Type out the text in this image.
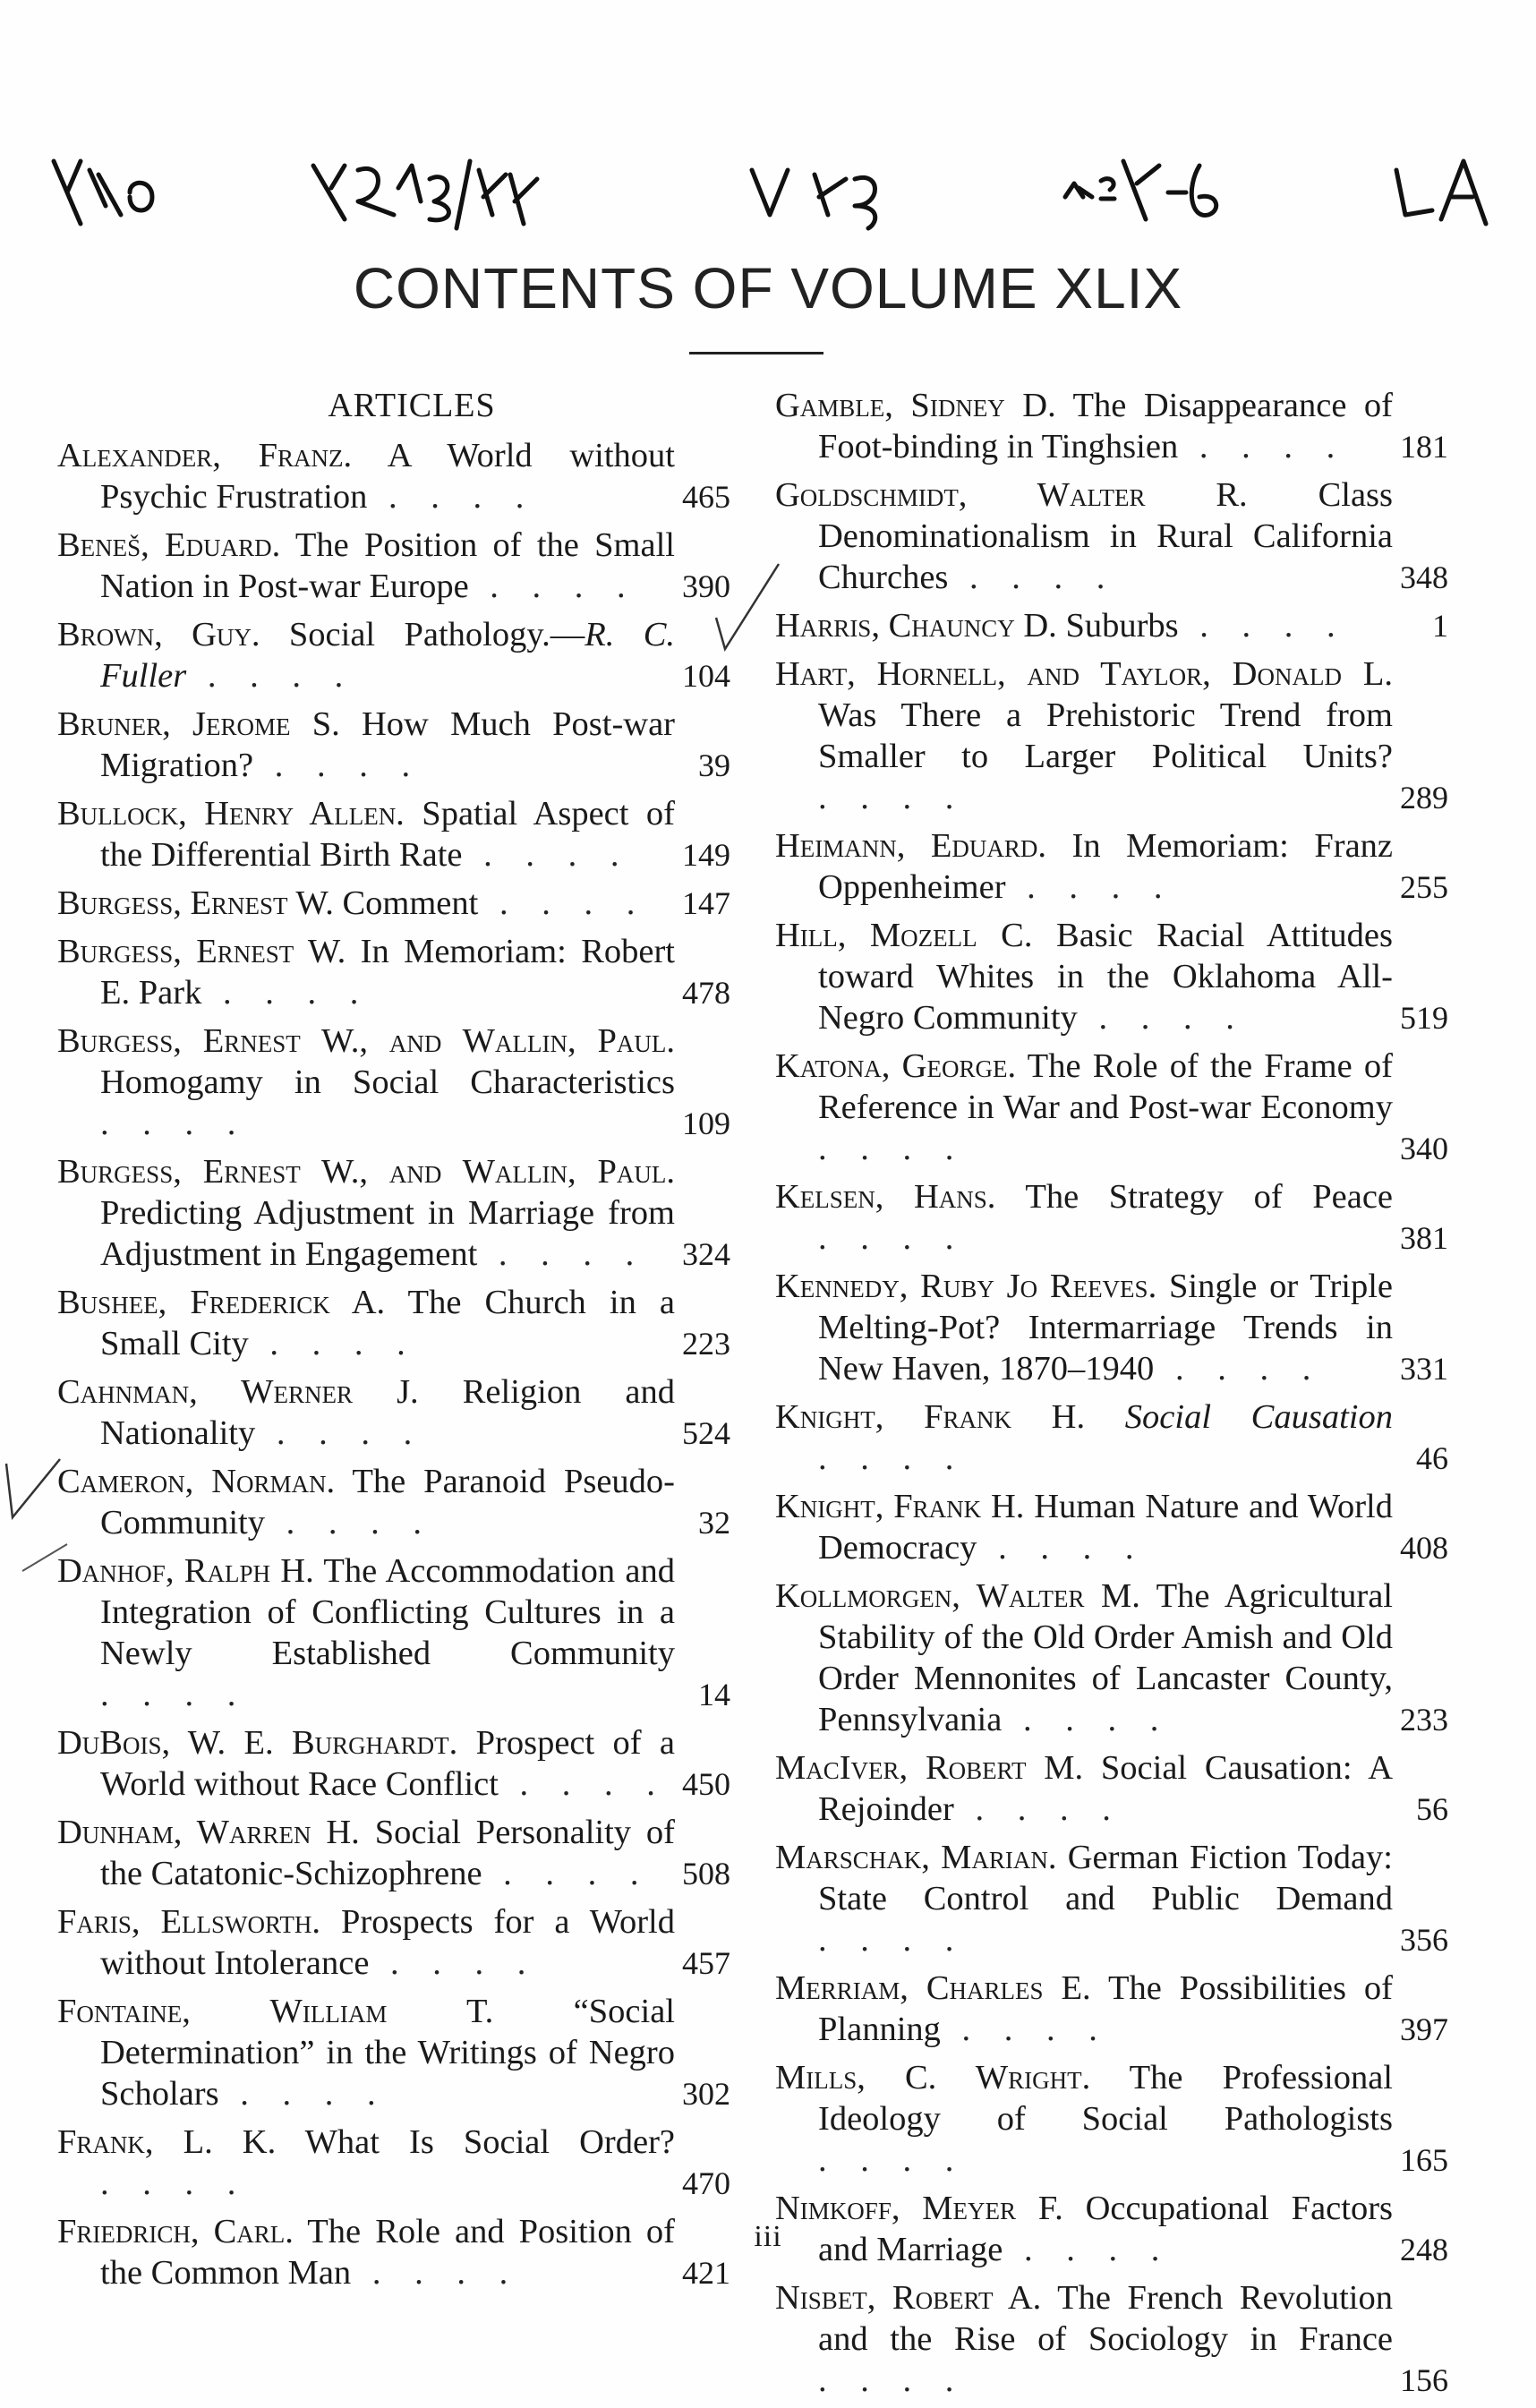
CONTENTS OF VOLUME XLIX
ARTICLES
Alexander, Franz. A World without Psychic Frustration . . . .	465
Beneš, Eduard. The Position of the Small Nation in Post-war Europe . . . .	390
Brown, Guy. Social Pathology.—R. C. Fuller . . . .	104
Bruner, Jerome S. How Much Post-war Migration? . . . .	39
Bullock, Henry Allen. Spatial Aspect of the Differential Birth Rate . . . .	149
Burgess, Ernest W. Comment . . . .	147
Burgess, Ernest W. In Memoriam: Robert E. Park . . . .	478
Burgess, Ernest W., and Wallin, Paul. Homogamy in Social Characteristics . . . .	109
Burgess, Ernest W., and Wallin, Paul. Predicting Adjustment in Marriage from Adjustment in Engagement . . . .	324
Bushee, Frederick A. The Church in a Small City . . . .	223
Cahnman, Werner J. Religion and Nationality . . . .	524
Cameron, Norman. The Paranoid Pseudo-Community . . . .	32
Danhof, Ralph H. The Accommodation and Integration of Conflicting Cultures in a Newly Established Community . . . .	14
DuBois, W. E. Burghardt. Prospect of a World without Race Conflict . . . . 450
Dunham, Warren H. Social Personality of the Catatonic-Schizophrene . . . . 508
Faris, Ellsworth. Prospects for a World without Intolerance . . . .	457
Fontaine, William T. “Social Determination” in the Writings of Negro Scholars . . . .	302
Frank, L. K. What Is Social Order? . . . .	470
Friedrich, Carl. The Role and Position of the Common Man . . . .	421
Gamble, Sidney D. The Disappearance of Foot-binding in Tinghsien . . . .	181
Goldschmidt, Walter R. Class Denominationalism in Rural California Churches . . . .	348
Harris, Chauncy D. Suburbs . . . .	1
Hart, Hornell, and Taylor, Donald L. Was There a Prehistoric Trend from Smaller to Larger Political Units? . . . .	289
Heimann, Eduard. In Memoriam: Franz Oppenheimer . . . .	255
Hill, Mozell C. Basic Racial Attitudes toward Whites in the Oklahoma All-Negro Community . . . .	519
Katona, George. The Role of the Frame of Reference in War and Post-war Economy . . . .	340
Kelsen, Hans. The Strategy of Peace . . . .	381
Kennedy, Ruby Jo Reeves. Single or Triple Melting-Pot? Intermarriage Trends in New Haven, 1870–1940 . . . .	331
Knight, Frank H. Social Causation . . . .	46
Knight, Frank H. Human Nature and World Democracy . . . .	408
Kollmorgen, Walter M. The Agricultural Stability of the Old Order Amish and Old Order Mennonites of Lancaster County, Pennsylvania . . . .	233
MacIver, Robert M. Social Causation: A Rejoinder . . . .	56
Marschak, Marian. German Fiction Today: State Control and Public Demand . . . .	356
Merriam, Charles E. The Possibilities of Planning . . . .	397
Mills, C. Wright. The Professional Ideology of Social Pathologists . . . .	165
Nimkoff, Meyer F. Occupational Factors and Marriage . . . .	248
Nisbet, Robert A. The French Revolution and the Rise of Sociology in France . . . .	156
iii
